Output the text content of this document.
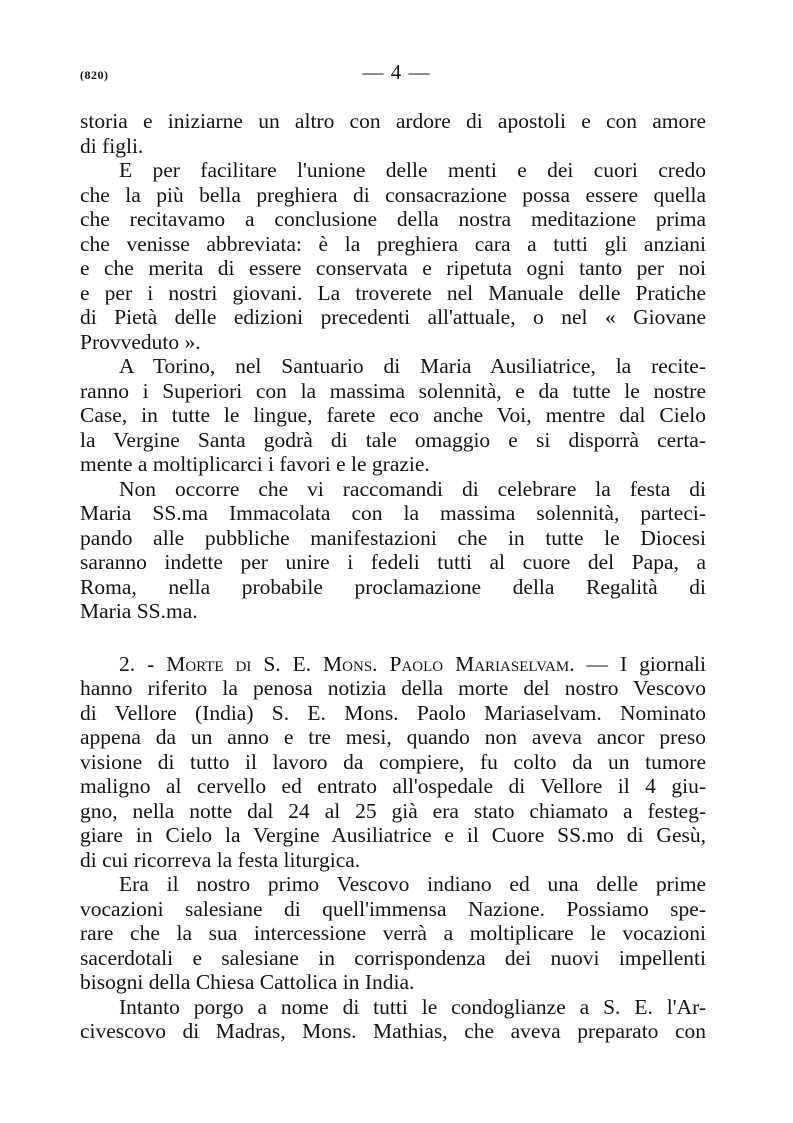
(820)	— 4 —
storia e iniziarne un altro con ardore di apostoli e con amore
di figli.
E per facilitare l'unione delle menti e dei cuori credo
che la più bella preghiera di consacrazione possa essere quella
che recitavamo a conclusione della nostra meditazione prima
che venisse abbreviata: è la preghiera cara a tutti gli anziani
e che merita di essere conservata e ripetuta ogni tanto per noi
e per i nostri giovani. La troverete nel Manuale delle Pratiche
di Pietà delle edizioni precedenti all'attuale, o nel « Giovane
Provveduto ».
A Torino, nel Santuario di Maria Ausiliatrice, la recite-
ranno i Superiori con la massima solennità, e da tutte le nostre
Case, in tutte le lingue, farete eco anche Voi, mentre dal Cielo
la Vergine Santa godrà di tale omaggio e si disporrà certa-
mente a moltiplicarci i favori e le grazie.
Non occorre che vi raccomandi di celebrare la festa di
Maria SS.ma Immacolata con la massima solennità, parteci-
pando alle pubbliche manifestazioni che in tutte le Diocesi
saranno indette per unire i fedeli tutti al cuore del Papa, a
Roma, nella probabile proclamazione della Regalità di
Maria SS.ma.
2. - Morte di S. E. Mons. Paolo Mariaselvam. — I giornali
hanno riferito la penosa notizia della morte del nostro Vescovo
di Vellore (India) S. E. Mons. Paolo Mariaselvam. Nominato
appena da un anno e tre mesi, quando non aveva ancor preso
visione di tutto il lavoro da compiere, fu colto da un tumore
maligno al cervello ed entrato all'ospedale di Vellore il 4 giu-
gno, nella notte dal 24 al 25 già era stato chiamato a festeg-
giare in Cielo la Vergine Ausiliatrice e il Cuore SS.mo di Gesù,
di cui ricorreva la festa liturgica.
Era il nostro primo Vescovo indiano ed una delle prime
vocazioni salesiane di quell'immensa Nazione. Possiamo spe-
rare che la sua intercessione verrà a moltiplicare le vocazioni
sacerdotali e salesiane in corrispondenza dei nuovi impellenti
bisogni della Chiesa Cattolica in India.
Intanto porgo a nome di tutti le condoglianze a S. E. l'Ar-
civescovo di Madras, Mons. Mathias, che aveva preparato con
